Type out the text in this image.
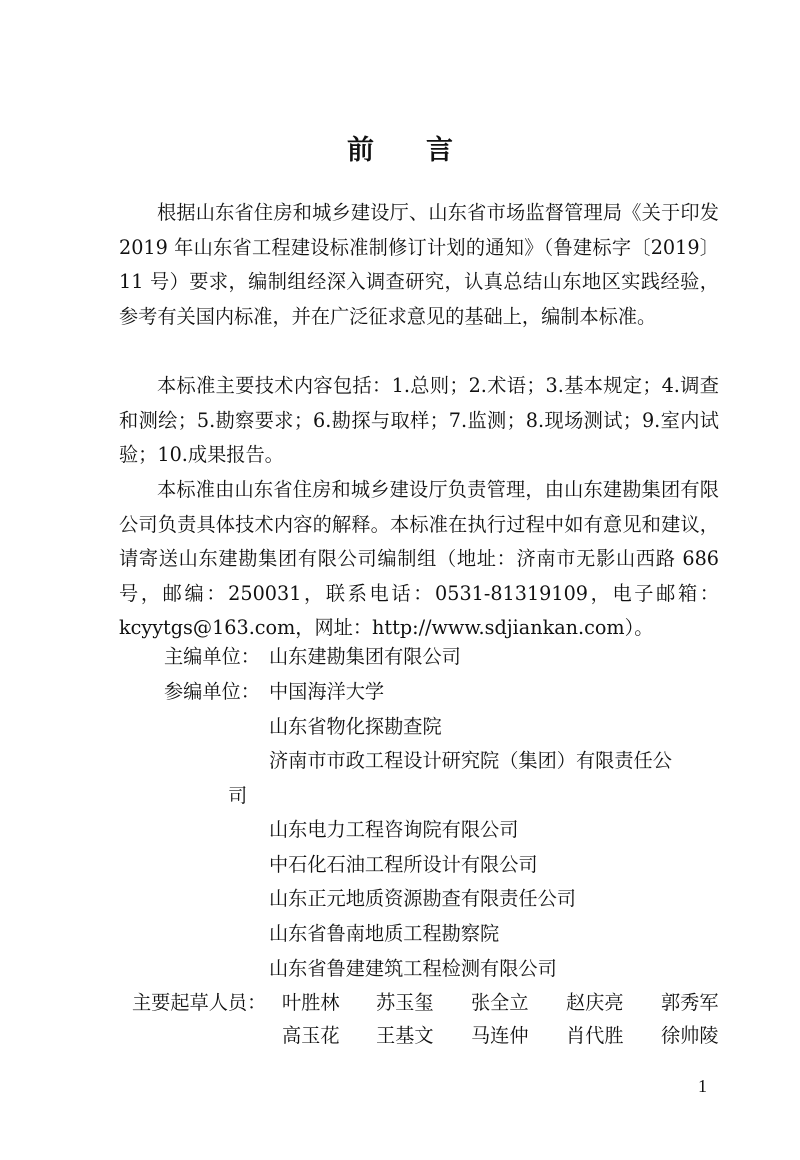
前言

根据山东省住房和城乡建设厅、山东省市场监督管理局《关于印发 2019 年山东省工程建设标准制修订计划的通知》（鲁建标字〔2019〕11 号）要求，编制组经深入调查研究，认真总结山东地区实践经验，参考有关国内标准，并在广泛征求意见的基础上，编制本标准。

本标准主要技术内容包括：1.总则；2.术语；3.基本规定；4.调查和测绘；5.勘察要求；6.勘探与取样；7.监测；8.现场测试；9.室内试验；10.成果报告。

本标准由山东省住房和城乡建设厅负责管理，由山东建勘集团有限公司负责具体技术内容的解释。本标准在执行过程中如有意见和建议，请寄送山东建勘集团有限公司编制组（地址：济南市无影山西路 686 号，邮编：250031，联系电话：0531-81319109，电子邮箱：kcyytgs@163.com，网址：http://www.sdjiankan.com）。

主编单位： 山东建勘集团有限公司
参编单位： 中国海洋大学
山东省物化探勘查院
济南市市政工程设计研究院（集团）有限责任公
司
山东电力工程咨询院有限公司
中石化石油工程所设计有限公司
山东正元地质资源勘查有限责任公司
山东省鲁南地质工程勘察院
山东省鲁建建筑工程检测有限公司
主要起草人员： 叶胜林 苏玉玺 张全立 赵庆亮 郭秀军
高玉花 王基文 马连仲 肖代胜 徐帅陵
1
